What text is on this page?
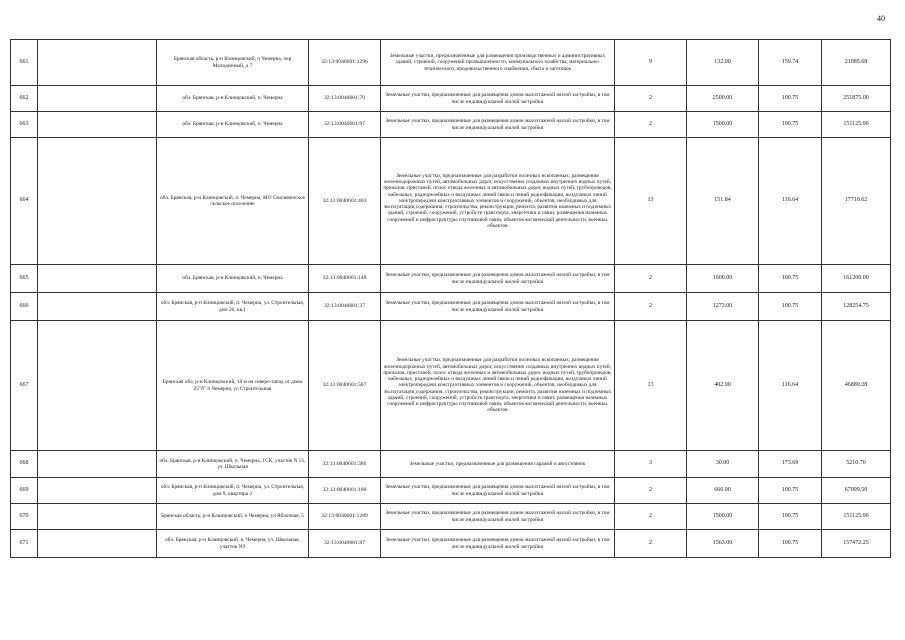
40
661		Брянская область, р-н Клинцовский, п Чемерна, пер Молодежный, д 7	32:13:0040601:1296	Земельные участки, предназначенные для размещения производственных и административных зданий, строений, сооружений промышленности, коммунального хозяйства, материально-технического, продовольственного снабжения, сбыта и заготовок	9	132.00	159.74	21085.68
662		обл. Брянская, р-н Клинцовский, п. Чемерна	32:13:0040601:70	Земельные участки, предназначенные для размещения домов малоэтажной жилой застройки, в том числе индивидуальной жилой застройки	2	2500.00	100.75	251875.00
663		обл. Брянская, р-н Клинцовский, п. Чемерна	32:13:0040601:97	Земельные участки, предназначенные для размещения домов малоэтажной жилой застройки, в том числе индивидуальной жилой застройки	2	1500.00	100.75	151125.00
664		обл. Брянская, р-н Клинцовский, п. Чемерна, МО Смолевичское сельское поселение	32:13:0040601:403	Земельные участки, предназначенные для разработки полезных ископаемых, размещения железнодорожных путей, автомобильных дорог, искусственно созданных внутренних водных путей, причалов, пристаней, полос отвода железных и автомобильных дорог, водных путей, трубопроводов, кабельных, радиорелейных и воздушных линий связи и линий радиофикации, воздушных линий электропередачи конструктивных элементов и сооружений, объектов, необходимых для эксплуатации,содержания, строительства, реконструкции, ремонта, развития наземных и подземных зданий, строений, сооружений, устройств транспорта, энергетики и связи; размещения наземных сооружений и инфраструктуры спутниковой связи, объектов космической деятельности, военных объектов	13	151.84	116.64	17710.62
665		обл. Брянская, р-н Клинцовский, п. Чемерна	32:13:0040601:148	Земельные участки, предназначенные для размещения домов малоэтажной жилой застройки, в том числе индивидуальной жилой застройки	2	1600.00	100.75	161200.00
666		обл. Брянская, р-н Клинцовский, п. Чемерна, ул. Строительная, дом 20, кв.1	32:13:0040601:37	Земельные участки, предназначенные для размещения домов малоэтажной жилой застройки, в том числе индивидуальной жилой застройки	2	1273.00	100.75	128254.75
667		Брянская обл, р-н Клинцовский, 10 м на северо-запад от дома 25"б" п Чемерна, ул Строительная	32:13:0040601:567	Земельные участки, предназначенные для разработки полезных ископаемых, размещения железнодорожных путей, автомобильных дорог, искусственно созданных внутренних водных путей, причалов, пристаней, полос отвода железных и автомобильных дорог, водных путей, трубопроводов, кабельных, радиорелейных и воздушных линий связи и линий радиофикации, воздушных линий электропередачи конструктивных элементов и сооружений, объектов, необходимых для эксплуатации,содержания, строительства, реконструкции, ремонта, развития наземных и подземных зданий, строений, сооружений, устройств транспорта, энергетики и связи; размещения наземных сооружений и инфраструктуры спутниковой связи, объектов космической деятельности, военных объектов	13	402.00	116.64	46889.28
668		обл. Брянская, р-н Клинцовский, п. Чемерна, ГСК, участок N 51, ул. Школьная	32:13:0040601:386	Земельные участки, предназначенные для размещения гаражей и автостоянок	3	30.00	173.69	5210.70
669		обл. Брянская, р-н Клинцовский, п. Чемерна, ул. Строительная, дом 9, квартира 2	32:13:0040601:100	Земельные участки, предназначенные для размещения домов малоэтажной жилой застройки, в том числе индивидуальной жилой застройки	2	666.00	100.75	67099.50
670		Брянская область, р-н Клинцовский, п Чемерна, ул Яблочная, 5	32:13:0040601:1289	Земельные участки, предназначенные для размещения домов малоэтажной жилой застройки, в том числе индивидуальной жилой застройки	2	1500.00	100.75	151125.00
671		обл. Брянская, р-н Клинцовский, п. Чемерна, ул. Школьная, участок N9	32:13:0040601:87	Земельные участки, предназначенные для размещения домов малоэтажной жилой застройки, в том числе индивидуальной жилой застройки	2	1563.00	100.75	157472.25
